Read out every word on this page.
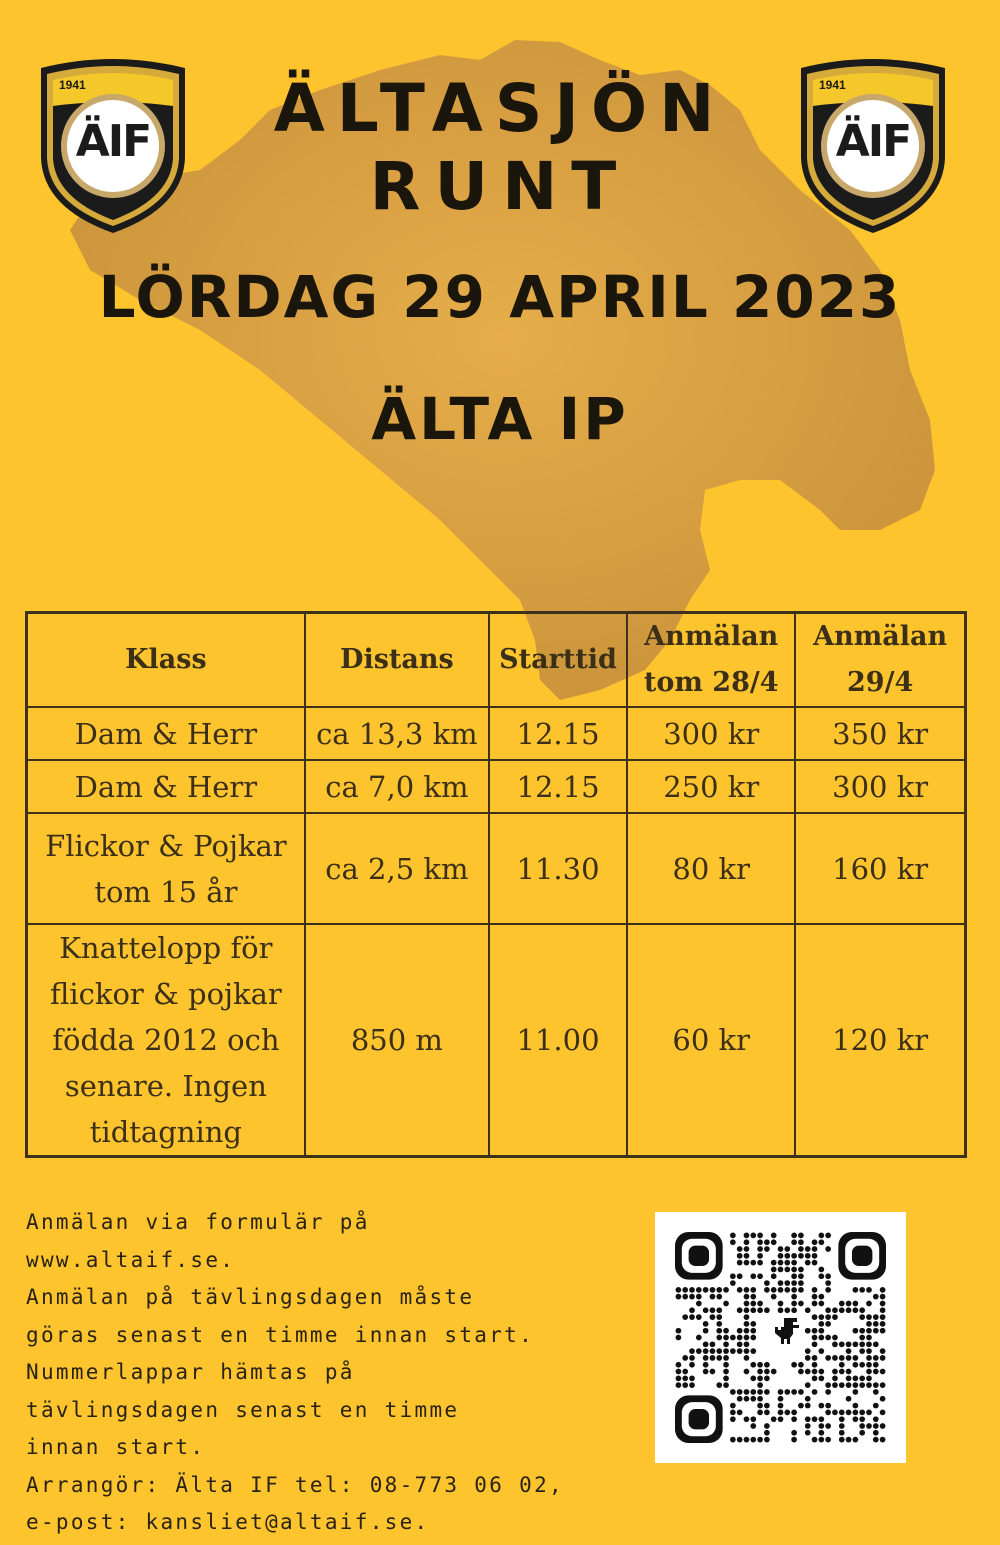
1941
ÄIF
1941
ÄIF
ÄLTASJÖN
RUNT
LÖRDAG 29 APRIL 2023
ÄLTA IP
Klass	Distans	Starttid	Anmälan tom 28/4	Anmälan 29/4
Dam & Herr	ca 13,3 km	12.15	300 kr	350 kr
Dam & Herr	ca 7,0 km	12.15	250 kr	300 kr
Flickor & Pojkar tom 15 år	ca 2,5 km	11.30	80 kr	160 kr
Knattelopp för flickor & pojkar födda 2012 och senare. Ingen tidtagning	850 m	11.00	60 kr	120 kr
Anmälan via formulär på
www.altaif.se.
Anmälan på tävlingsdagen måste
göras senast en timme innan start.
Nummerlappar hämtas på
tävlingsdagen senast en timme
innan start.
Arrangör: Älta IF tel: 08-773 06 02,
e-post: kansliet@altaif.se.
